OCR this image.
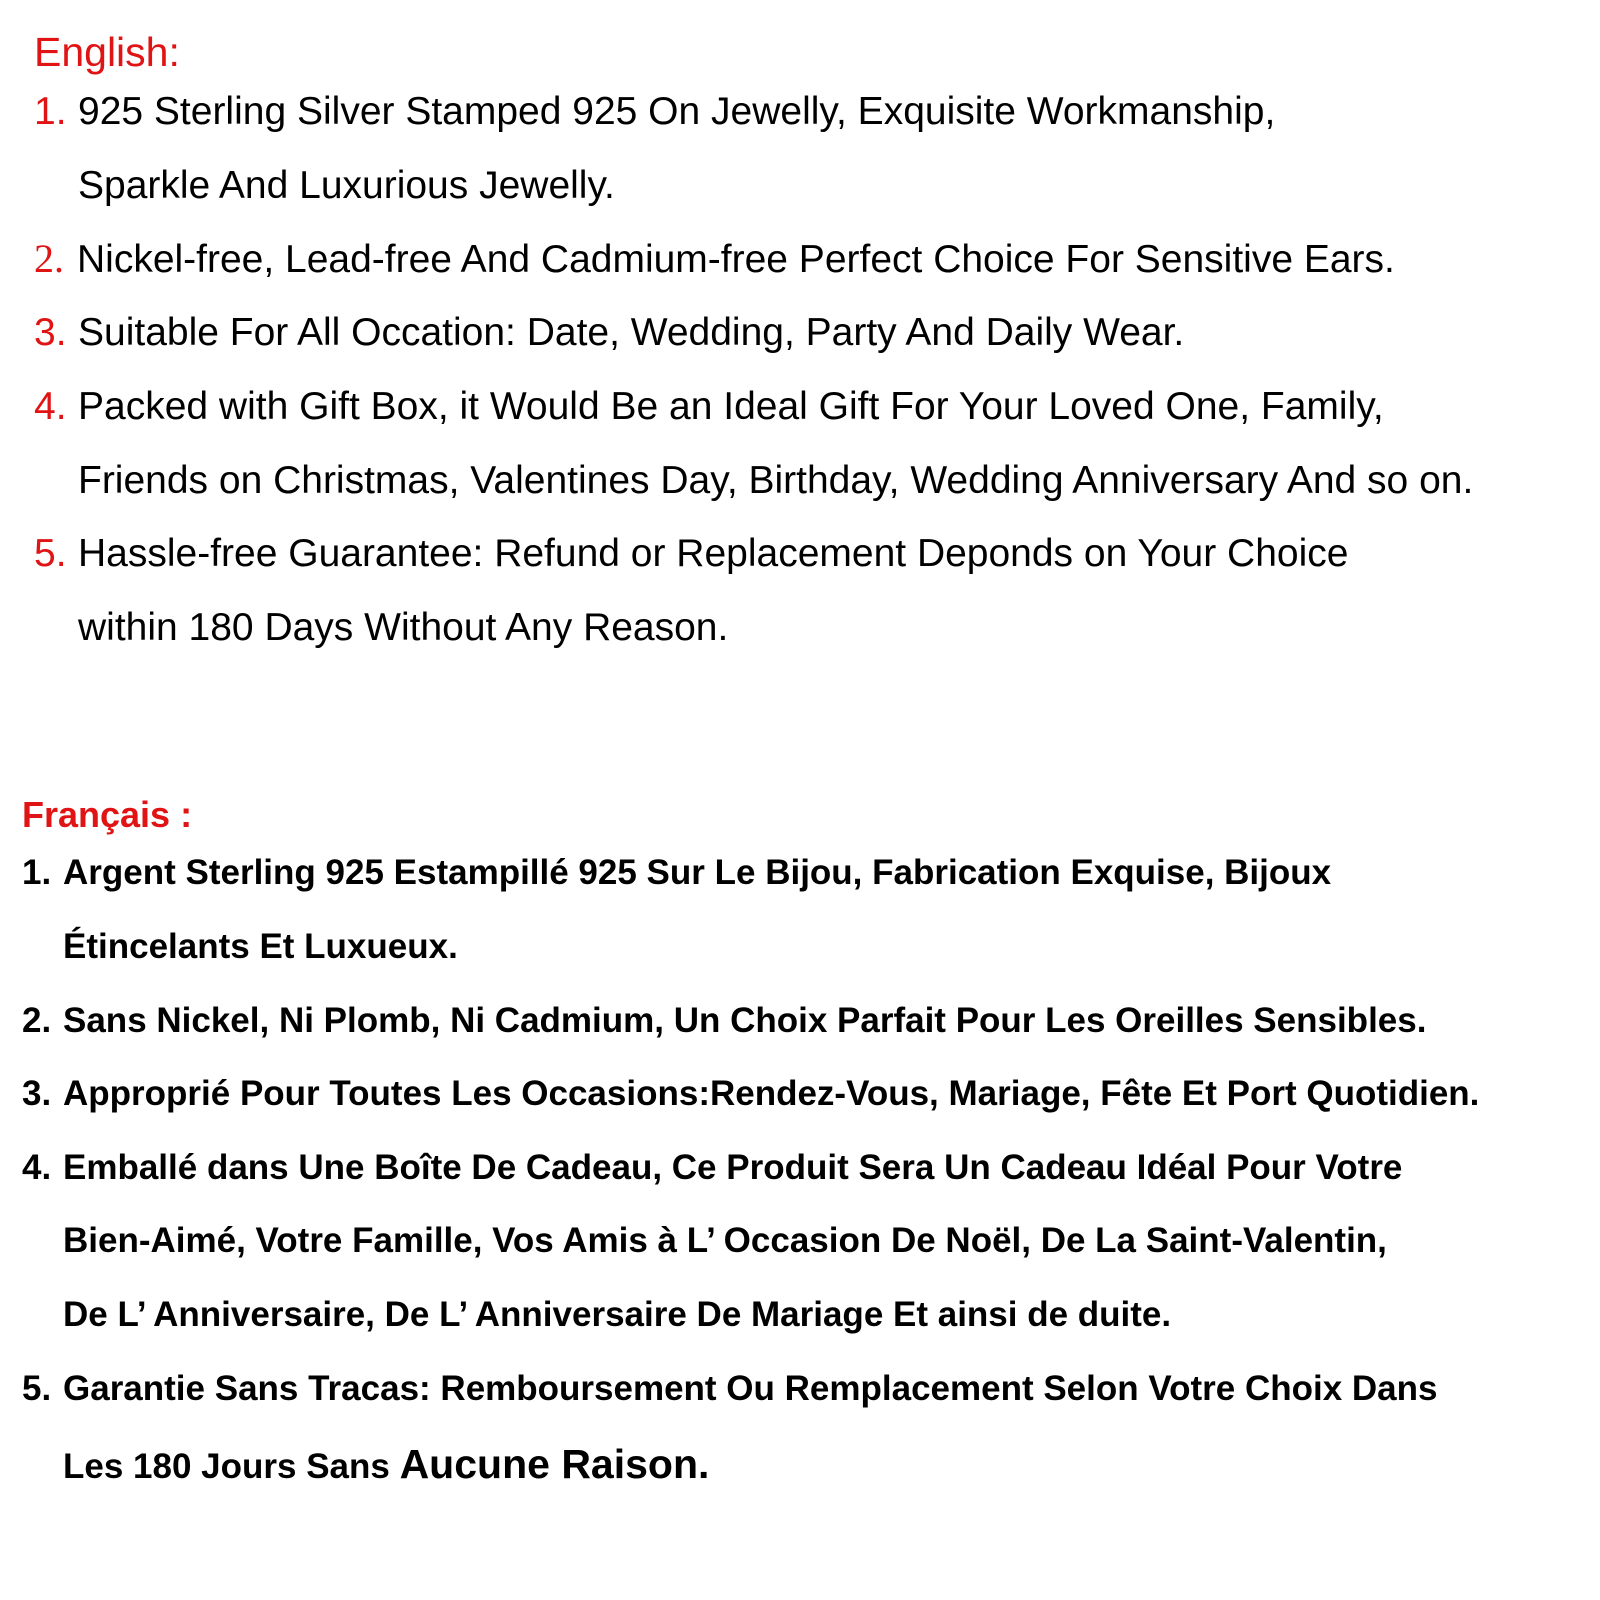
English:
1. 925 Sterling Silver Stamped 925 On Jewelly, Exquisite Workmanship,
Sparkle And Luxurious Jewelly.
2. Nickel-free, Lead-free And Cadmium-free Perfect Choice For Sensitive Ears.
3. Suitable For All Occation: Date, Wedding, Party And Daily Wear.
4. Packed with Gift Box, it Would Be an Ideal Gift For Your Loved One, Family,
Friends on Christmas, Valentines Day, Birthday, Wedding Anniversary And so on.
5. Hassle-free Guarantee: Refund or Replacement Deponds on Your Choice
within 180 Days Without Any Reason.
Français :
1. Argent Sterling 925 Estampillé 925 Sur Le Bijou, Fabrication Exquise, Bijoux
Étincelants Et Luxueux.
2. Sans Nickel, Ni Plomb, Ni Cadmium, Un Choix Parfait Pour Les Oreilles Sensibles.
3. Approprié Pour Toutes Les Occasions:Rendez-Vous, Mariage, Fête Et Port Quotidien.
4. Emballé dans Une Boîte De Cadeau, Ce Produit Sera Un Cadeau Idéal Pour Votre
Bien-Aimé, Votre Famille, Vos Amis à L’ Occasion De Noël, De La Saint-Valentin,
De L’ Anniversaire, De L’ Anniversaire De Mariage Et ainsi de duite.
5. Garantie Sans Tracas: Remboursement Ou Remplacement Selon Votre Choix Dans
Les 180 Jours Sans Aucune Raison.
